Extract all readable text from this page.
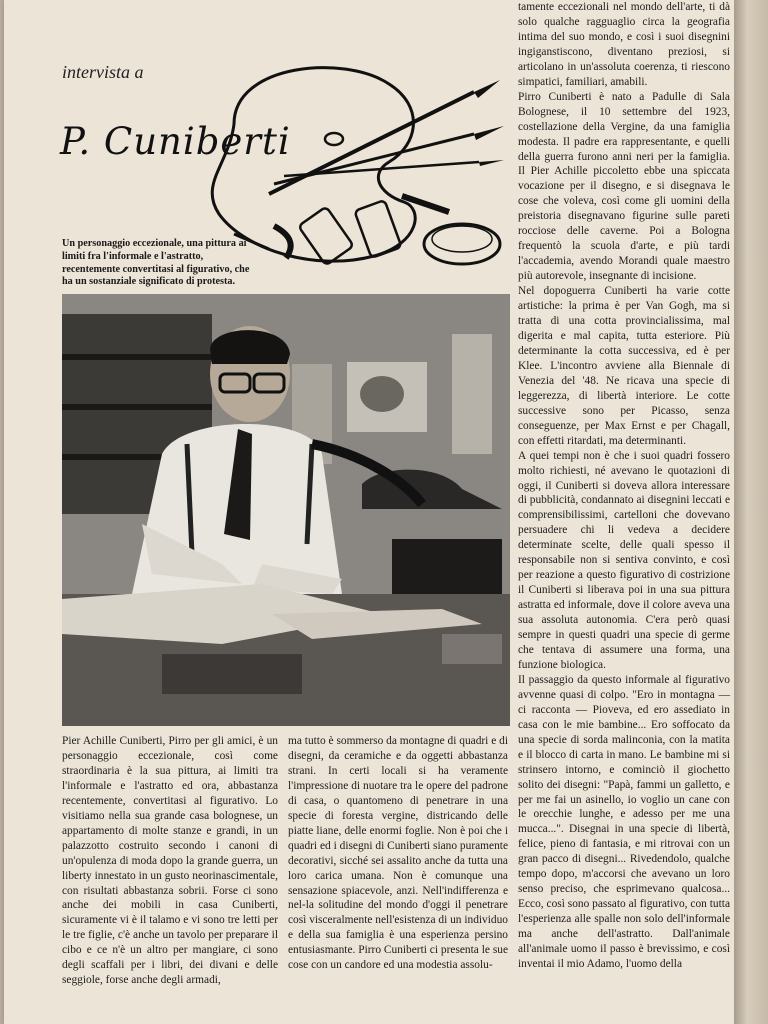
intervista a
P. Cuniberti
Un personaggio eccezionale, una pittura ai limiti fra l'informale e l'astratto, recentemente convertitasi al figurativo, che ha un sostanziale significato di protesta.
Pier Achille Cuniberti, Pirro per gli amici, è un personaggio eccezionale, così come straordinaria è la sua pittura, ai limiti tra l'informale e l'astratto ed ora, abbastanza recentemente, convertitasi al figurativo. Lo visitiamo nella sua grande casa bolognese, un appartamento di molte stanze e grandi, in un palazzotto costruito secondo i canoni di un'opulenza di moda dopo la grande guerra, un liberty innestato in un gusto neorinascimentale, con risultati abbastanza sobrii. Forse ci sono anche dei mobili in casa Cuniberti, sicuramente vi è il talamo e vi sono tre letti per le tre figlie, c'è anche un tavolo per preparare il cibo e ce n'è un altro per mangiare, ci sono degli scaffali per i libri, dei divani e delle seggiole, forse anche degli armadi,
ma tutto è sommerso da montagne di quadri e di disegni, da ceramiche e da oggetti abbastanza strani. In certi locali si ha veramente l'impressione di nuotare tra le opere del padrone di casa, o quantomeno di penetrare in una specie di foresta vergine, districando delle piatte liane, delle enormi foglie. Non è poi che i quadri ed i disegni di Cuniberti siano puramente decorativi, sicché sei assalito anche da tutta una loro carica umana. Non è comunque una sensazione spiacevole, anzi. Nell'indifferenza e nel-la solitudine del mondo d'oggi il penetrare così visceralmente nell'esistenza di un individuo e della sua famiglia è una esperienza persino entusiasmante. Pirro Cuniberti ci presenta le sue cose con un candore ed una modestia assolu-
tamente eccezionali nel mondo dell'arte, ti dà solo qualche ragguaglio circa la geografia intima del suo mondo, e così i suoi disegnini ingiganstiscono, diventano preziosi, si articolano in un'assoluta coerenza, ti riescono simpatici, familiari, amabili.
Pirro Cuniberti è nato a Padulle di Sala Bolognese, il 10 settembre del 1923, costellazione della Vergine, da una famiglia modesta. Il padre era rappresentante, e quelli della guerra furono anni neri per la famiglia. Il Pier Achille piccoletto ebbe una spiccata vocazione per il disegno, e si disegnava le cose che voleva, così come gli uomini della preistoria disegnavano figurine sulle pareti rocciose delle caverne. Poi a Bologna frequentò la scuola d'arte, e più tardi l'accademia, avendo Morandi quale maestro più autorevole, insegnante di incisione.
Nel dopoguerra Cuniberti ha varie cotte artistiche: la prima è per Van Gogh, ma si tratta di una cotta provincialissima, mal digerita e mal capita, tutta esteriore. Più determinante la cotta successiva, ed è per Klee. L'incontro avviene alla Biennale di Venezia del '48. Ne ricava una specie di leggerezza, di libertà interiore. Le cotte successive sono per Picasso, senza conseguenze, per Max Ernst e per Chagall, con effetti ritardati, ma determinanti.
A quei tempi non è che i suoi quadri fossero molto richiesti, né avevano le quotazioni di oggi, il Cuniberti si doveva allora interessare di pubblicità, condannato ai disegnini leccati e comprensibilissimi, cartelloni che dovevano persuadere chi li vedeva a decidere determinate scelte, delle quali spesso il responsabile non si sentiva convinto, e così per reazione a questo figurativo di costrizione il Cuniberti si liberava poi in una sua pittura astratta ed informale, dove il colore aveva una sua assoluta autonomia. C'era però quasi sempre in questi quadri una specie di germe che tentava di assumere una forma, una funzione biologica.
Il passaggio da questo informale al figurativo avvenne quasi di colpo. "Ero in montagna — ci racconta — Pioveva, ed ero assediato in casa con le mie bambine... Ero soffocato da una specie di sorda malinconia, con la matita e il blocco di carta in mano. Le bambine mi si strinsero intorno, e cominciò il giochetto solito dei disegni: "Papà, fammi un galletto, e per me fai un asinello, io voglio un cane con le orecchie lunghe, e adesso per me una mucca...". Disegnai in una specie di libertà, felice, pieno di fantasia, e mi ritrovai con un gran pacco di disegni... Rivedendolo, qualche tempo dopo, m'accorsi che avevano un loro senso preciso, che esprimevano qualcosa... Ecco, così sono passato al figurativo, con tutta l'esperienza alle spalle non solo dell'informale ma anche dell'astratto. Dall'animale all'animale uomo il passo è brevissimo, e così inventai il mio Adamo, l'uomo della
